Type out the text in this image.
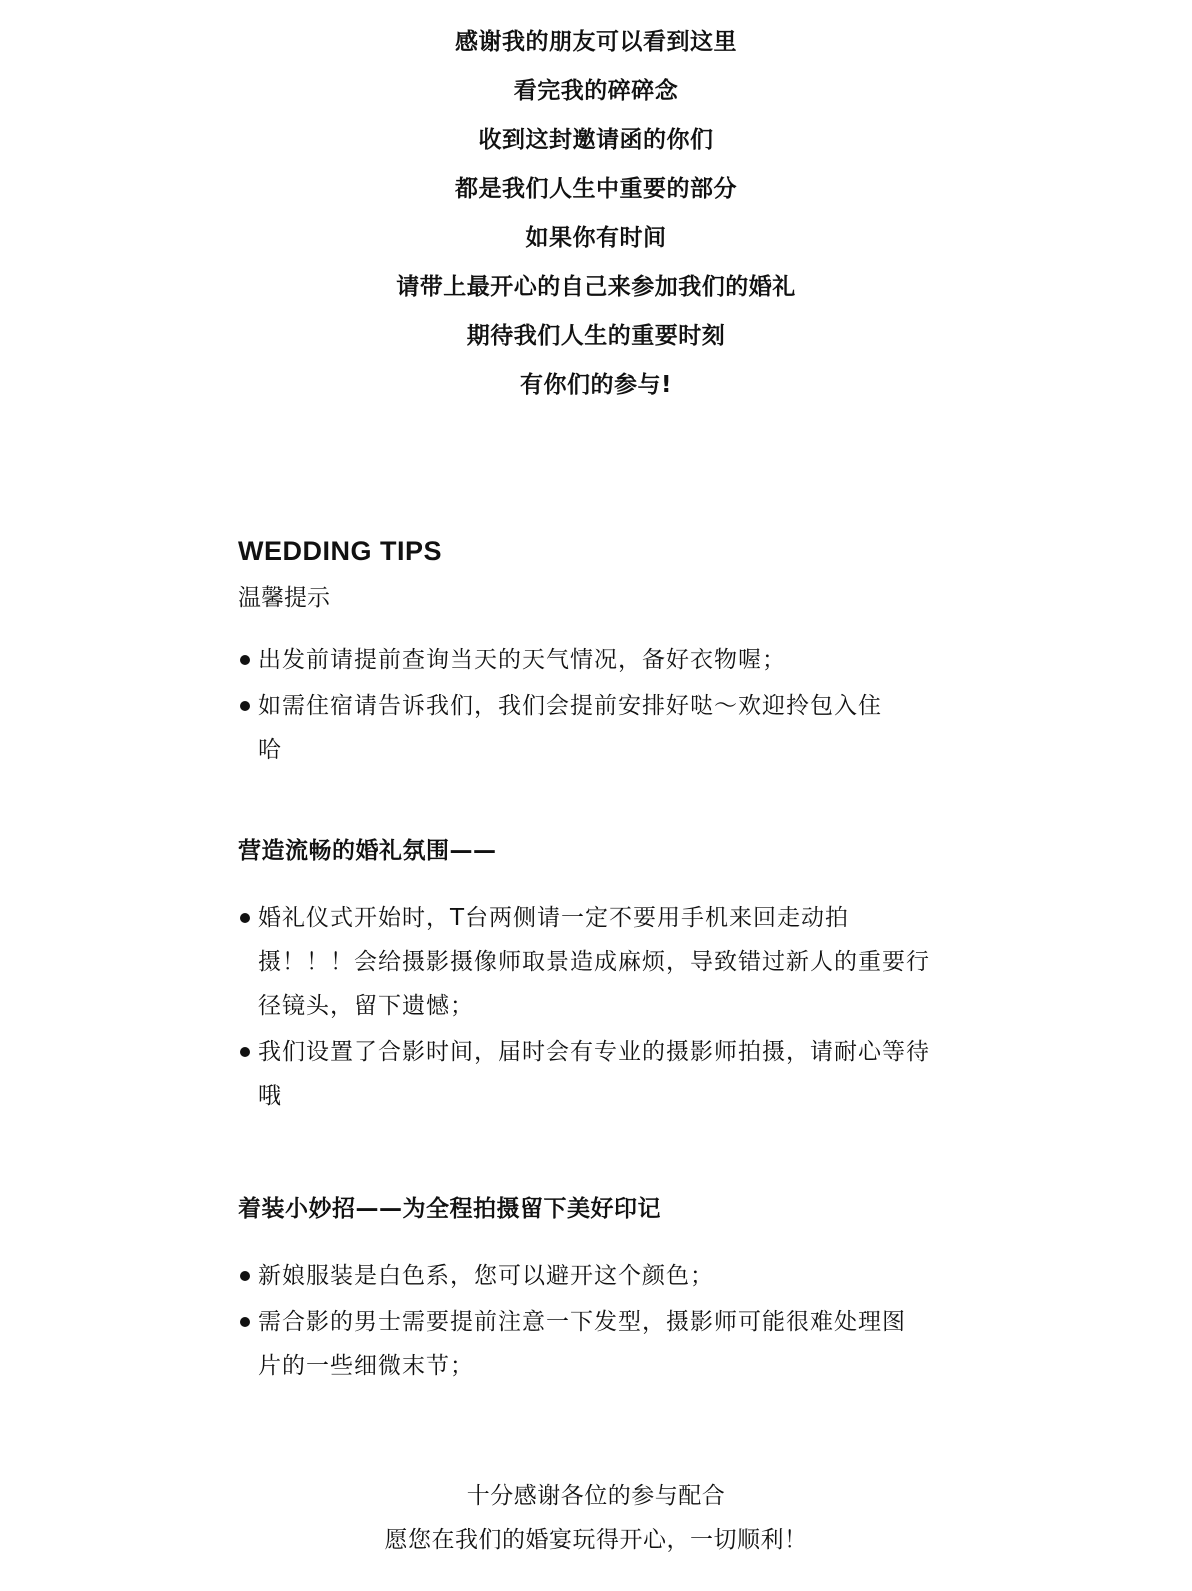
感谢我的朋友可以看到这里
看完我的碎碎念
收到这封邀请函的你们
都是我们人生中重要的部分
如果你有时间
请带上最开心的自己来参加我们的婚礼
期待我们人生的重要时刻
有你们的参与!
WEDDING TIPS
温馨提示
出发前请提前查询当天的天气情况，备好衣物喔；
如需住宿请告诉我们，我们会提前安排好哒～欢迎拎包入住哈
营造流畅的婚礼氛围——
婚礼仪式开始时，T台两侧请一定不要用手机来回走动拍摄！！！会给摄影摄像师取景造成麻烦，导致错过新人的重要行径镜头，留下遗憾；
我们设置了合影时间，届时会有专业的摄影师拍摄，请耐心等待哦
着装小妙招——为全程拍摄留下美好印记
新娘服装是白色系，您可以避开这个颜色；
需合影的男士需要提前注意一下发型，摄影师可能很难处理图片的一些细微末节；
十分感谢各位的参与配合
愿您在我们的婚宴玩得开心，一切顺利！
